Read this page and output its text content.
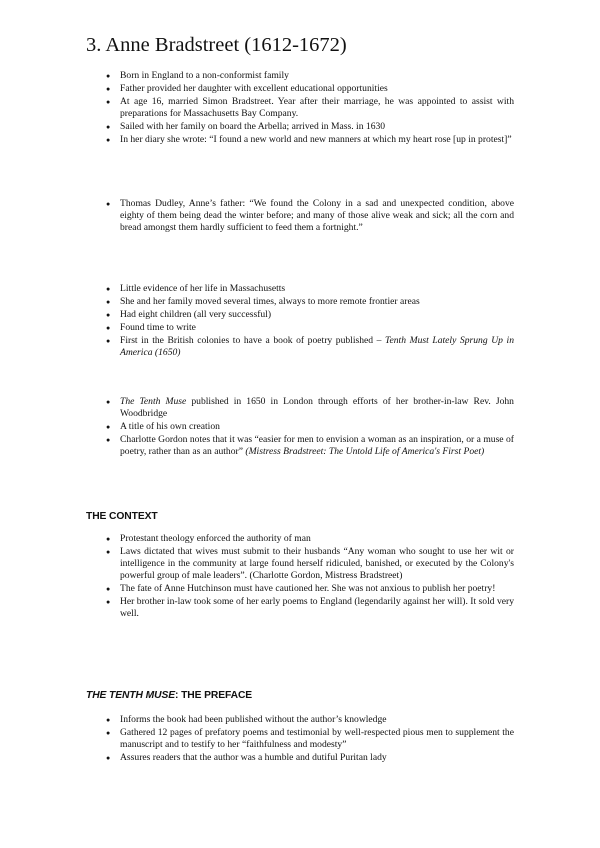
3. Anne Bradstreet (1612-1672)
● Born in England to a non-conformist family
● Father provided her daughter with excellent educational opportunities
● At age 16, married Simon Bradstreet. Year after their marriage, he was appointed to assist with preparations for Massachusetts Bay Company.
● Sailed with her family on board the Arbella; arrived in Mass. in 1630
● In her diary she wrote: “I found a new world and new manners at which my heart rose [up in protest]”
● Thomas Dudley, Anne’s father: “We found the Colony in a sad and unexpected condition, above eighty of them being dead the winter before; and many of those alive weak and sick; all the corn and bread amongst them hardly sufficient to feed them a fortnight.”
● Little evidence of her life in Massachusetts
● She and her family moved several times, always to more remote frontier areas
● Had eight children (all very successful)
● Found time to write
● First in the British colonies to have a book of poetry published – Tenth Must Lately Sprung Up in America (1650)
● The Tenth Muse published in 1650 in London through efforts of her brother-in-law Rev. John Woodbridge
● A title of his own creation
● Charlotte Gordon notes that it was “easier for men to envision a woman as an inspiration, or a muse of poetry, rather than as an author” (Mistress Bradstreet: The Untold Life of America's First Poet)
THE CONTEXT
● Protestant theology enforced the authority of man
● Laws dictated that wives must submit to their husbands “Any woman who sought to use her wit or intelligence in the community at large found herself ridiculed, banished, or executed by the Colony's powerful group of male leaders”. (Charlotte Gordon, Mistress Bradstreet)
● The fate of Anne Hutchinson must have cautioned her. She was not anxious to publish her poetry!
● Her brother in-law took some of her early poems to England (legendarily against her will). It sold very well.
THE TENTH MUSE: THE PREFACE
● Informs the book had been published without the author’s knowledge
● Gathered 12 pages of prefatory poems and testimonial by well-respected pious men to supplement the manuscript and to testify to her “faithfulness and modesty”
● Assures readers that the author was a humble and dutiful Puritan lady
